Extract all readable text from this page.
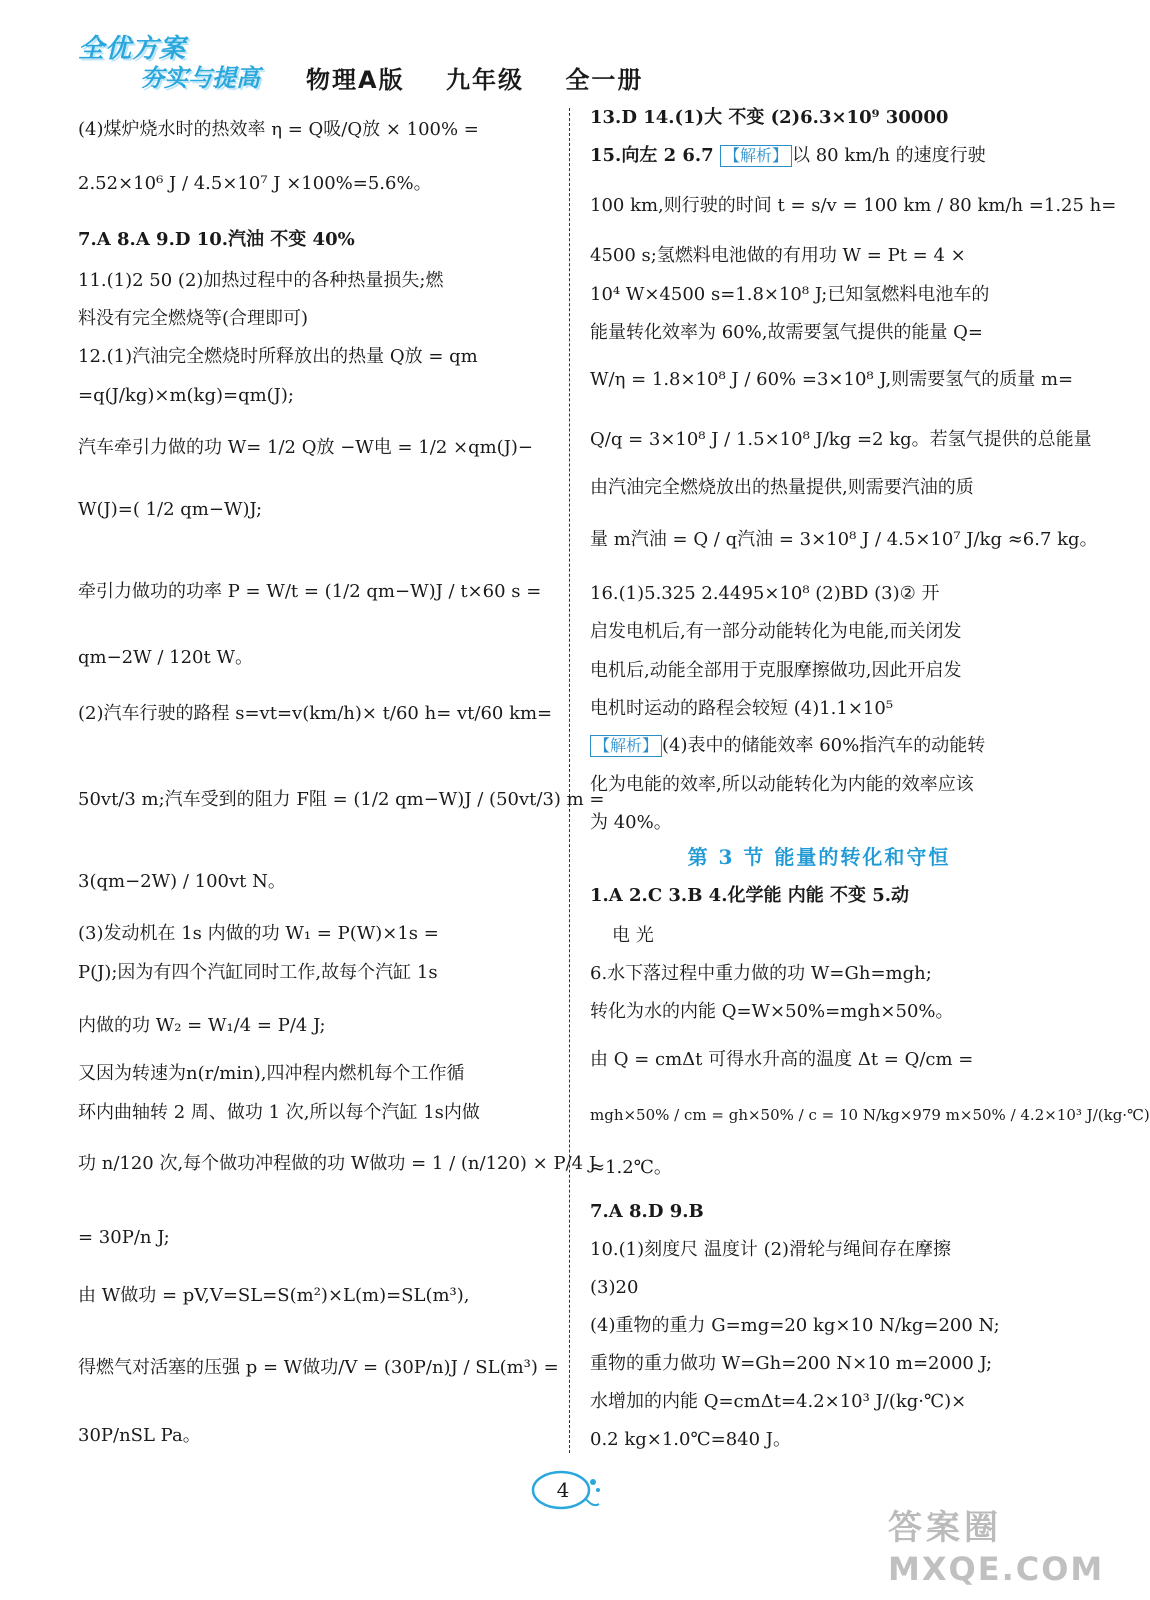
全优方案
夯实与提高 物理A版    九年级    全一册
(4)煤炉烧水时的热效率 η = Q吸/Q放 × 100% =
2.52×10⁶ J / 4.5×10⁷ J ×100%=5.6%。
7.A 8.A 9.D 10.汽油 不变 40%
11.(1)2 50 (2)加热过程中的各种热量损失;燃
料没有完全燃烧等(合理即可)
12.(1)汽油完全燃烧时所释放出的热量 Q放 = qm
=q(J/kg)×m(kg)=qm(J);
汽车牵引力做的功 W= 1/2 Q放 −W电 = 1/2 ×qm(J)−
W(J)=( 1/2 qm−W)J;
牵引力做功的功率 P = W/t = (1/2 qm−W)J / t×60 s =
qm−2W / 120t W。
(2)汽车行驶的路程 s=vt=v(km/h)× t/60 h= vt/60 km=
50vt/3 m;汽车受到的阻力 F阻 = (1/2 qm−W)J / (50vt/3) m =
3(qm−2W) / 100vt N。
(3)发动机在 1s 内做的功 W₁ = P(W)×1s =
P(J);因为有四个汽缸同时工作,故每个汽缸 1s
内做的功 W₂ = W₁/4 = P/4 J;
又因为转速为n(r/min),四冲程内燃机每个工作循
环内曲轴转 2 周、做功 1 次,所以每个汽缸 1s内做
功 n/120 次,每个做功冲程做的功 W做功 = 1 / (n/120) × P/4 J
= 30P/n J;
由 W做功 = pV,V=SL=S(m²)×L(m)=SL(m³),
得燃气对活塞的压强 p = W做功/V = (30P/n)J / SL(m³) =
30P/nSL Pa。
13.D 14.(1)大 不变 (2)6.3×10⁹ 30000
15.向左 2 6.7 【解析】 以 80 km/h 的速度行驶
100 km,则行驶的时间 t = s/v = 100 km / 80 km/h =1.25 h=
4500 s;氢燃料电池做的有用功 W = Pt = 4 ×
10⁴ W×4500 s=1.8×10⁸ J;已知氢燃料电池车的
能量转化效率为 60%,故需要氢气提供的能量 Q=
W/η = 1.8×10⁸ J / 60% =3×10⁸ J,则需要氢气的质量 m=
Q/q = 3×10⁸ J / 1.5×10⁸ J/kg =2 kg。若氢气提供的总能量
由汽油完全燃烧放出的热量提供,则需要汽油的质
量 m汽油 = Q / q汽油 = 3×10⁸ J / 4.5×10⁷ J/kg ≈6.7 kg。
16.(1)5.325 2.4495×10⁸ (2)BD (3)② 开
启发电机后,有一部分动能转化为电能,而关闭发
电机后,动能全部用于克服摩擦做功,因此开启发
电机时运动的路程会较短 (4)1.1×10⁵
【解析】 (4)表中的储能效率 60%指汽车的动能转
化为电能的效率,所以动能转化为内能的效率应该
为 40%。
第 3 节 能量的转化和守恒
1.A 2.C 3.B 4.化学能 内能 不变 5.动
电 光
6.水下落过程中重力做的功 W=Gh=mgh;
转化为水的内能 Q=W×50%=mgh×50%。
由 Q = cmΔt 可得水升高的温度 Δt = Q/cm =
mgh×50% / cm = gh×50% / c = 10 N/kg×979 m×50% / 4.2×10³ J/(kg·℃)
≈1.2℃。
7.A 8.D 9.B
10.(1)刻度尺 温度计 (2)滑轮与绳间存在摩擦
(3)20
(4)重物的重力 G=mg=20 kg×10 N/kg=200 N;
重物的重力做功 W=Gh=200 N×10 m=2000 J;
水增加的内能 Q=cmΔt=4.2×10³ J/(kg·℃)×
0.2 kg×1.0℃=840 J。
4
答案圈
MXQE.COM
